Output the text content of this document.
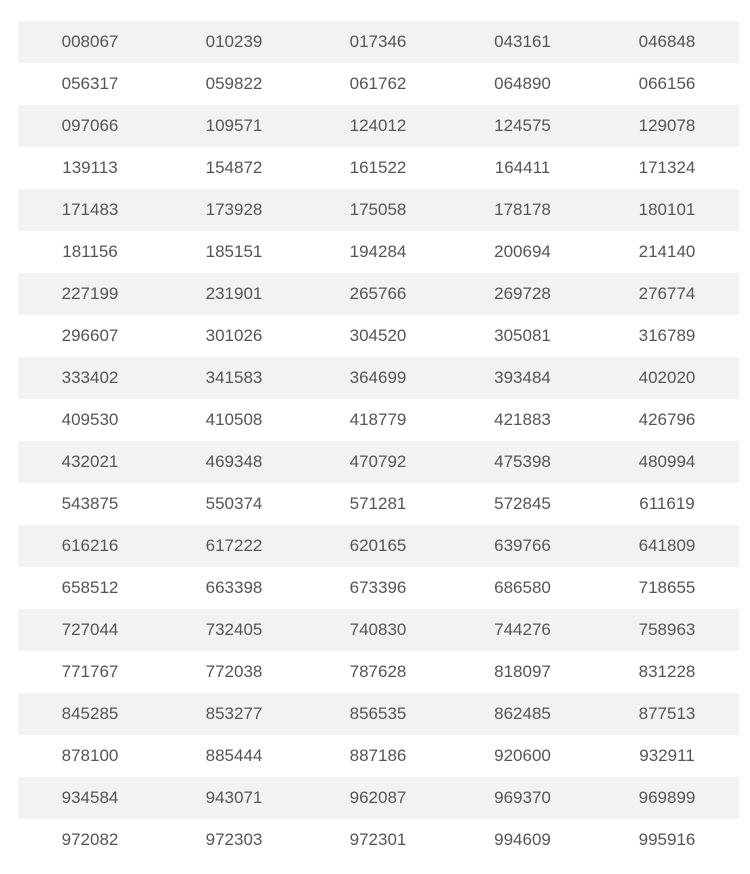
008067	010239	017346	043161	046848
056317	059822	061762	064890	066156
097066	109571	124012	124575	129078
139113	154872	161522	164411	171324
171483	173928	175058	178178	180101
181156	185151	194284	200694	214140
227199	231901	265766	269728	276774
296607	301026	304520	305081	316789
333402	341583	364699	393484	402020
409530	410508	418779	421883	426796
432021	469348	470792	475398	480994
543875	550374	571281	572845	611619
616216	617222	620165	639766	641809
658512	663398	673396	686580	718655
727044	732405	740830	744276	758963
771767	772038	787628	818097	831228
845285	853277	856535	862485	877513
878100	885444	887186	920600	932911
934584	943071	962087	969370	969899
972082	972303	972301	994609	995916
